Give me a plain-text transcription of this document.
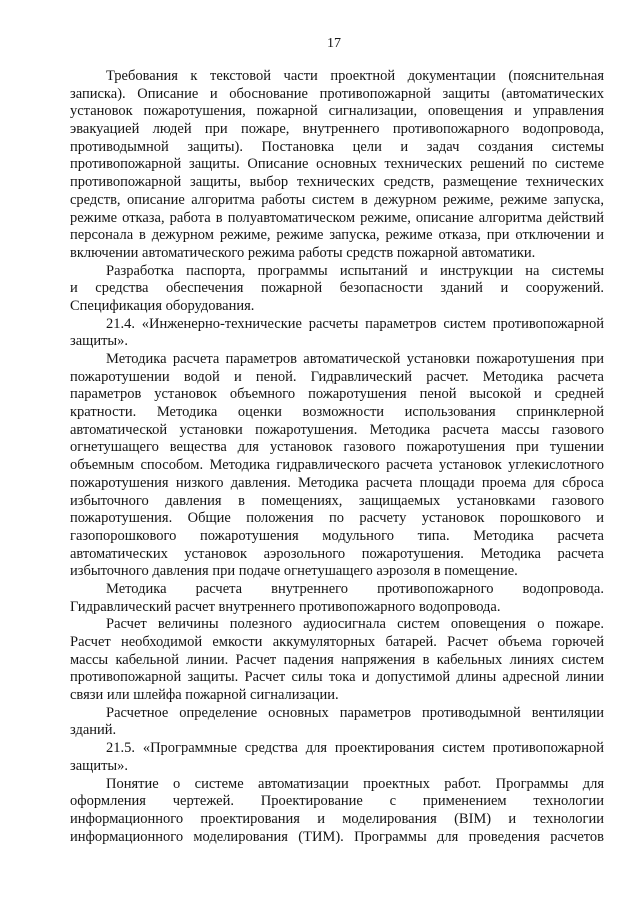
17
Требования к текстовой части проектной документации (пояснительная
записка). Описание и обоснование противопожарной защиты (автоматических
установок пожаротушения, пожарной сигнализации, оповещения и управления
эвакуацией людей при пожаре, внутреннего противопожарного водопровода,
противодымной защиты). Постановка цели и задач создания системы
противопожарной защиты. Описание основных технических решений по системе
противопожарной защиты, выбор технических средств, размещение технических
средств, описание алгоритма работы систем в дежурном режиме, режиме запуска,
режиме отказа, работа в полуавтоматическом режиме, описание алгоритма действий
персонала в дежурном режиме, режиме запуска, режиме отказа, при отключении и
включении автоматического режима работы средств пожарной автоматики.
Разработка паспорта, программы испытаний и инструкции на системы
и средства обеспечения пожарной безопасности зданий и сооружений.
Спецификация оборудования.
21.4. «Инженерно-технические расчеты параметров систем противопожарной
защиты».
Методика расчета параметров автоматической установки пожаротушения при
пожаротушении водой и пеной. Гидравлический расчет. Методика расчета
параметров установок объемного пожаротушения пеной высокой и средней
кратности. Методика оценки возможности использования спринклерной
автоматической установки пожаротушения. Методика расчета массы газового
огнетушащего вещества для установок газового пожаротушения при тушении
объемным способом. Методика гидравлического расчета установок углекислотного
пожаротушения низкого давления. Методика расчета площади проема для сброса
избыточного давления в помещениях, защищаемых установками газового
пожаротушения. Общие положения по расчету установок порошкового и
газопорошкового пожаротушения модульного типа. Методика расчета
автоматических установок аэрозольного пожаротушения. Методика расчета
избыточного давления при подаче огнетушащего аэрозоля в помещение.
Методика расчета внутреннего противопожарного водопровода.
Гидравлический расчет внутреннего противопожарного водопровода.
Расчет величины полезного аудиосигнала систем оповещения о пожаре.
Расчет необходимой емкости аккумуляторных батарей. Расчет объема горючей
массы кабельной линии. Расчет падения напряжения в кабельных линиях систем
противопожарной защиты. Расчет силы тока и допустимой длины адресной линии
связи или шлейфа пожарной сигнализации.
Расчетное определение основных параметров противодымной вентиляции
зданий.
21.5. «Программные средства для проектирования систем противопожарной
защиты».
Понятие о системе автоматизации проектных работ. Программы для
оформления чертежей. Проектирование с применением технологии
информационного проектирования и моделирования (BIM) и технологии
информационного моделирования (ТИМ). Программы для проведения расчетов
